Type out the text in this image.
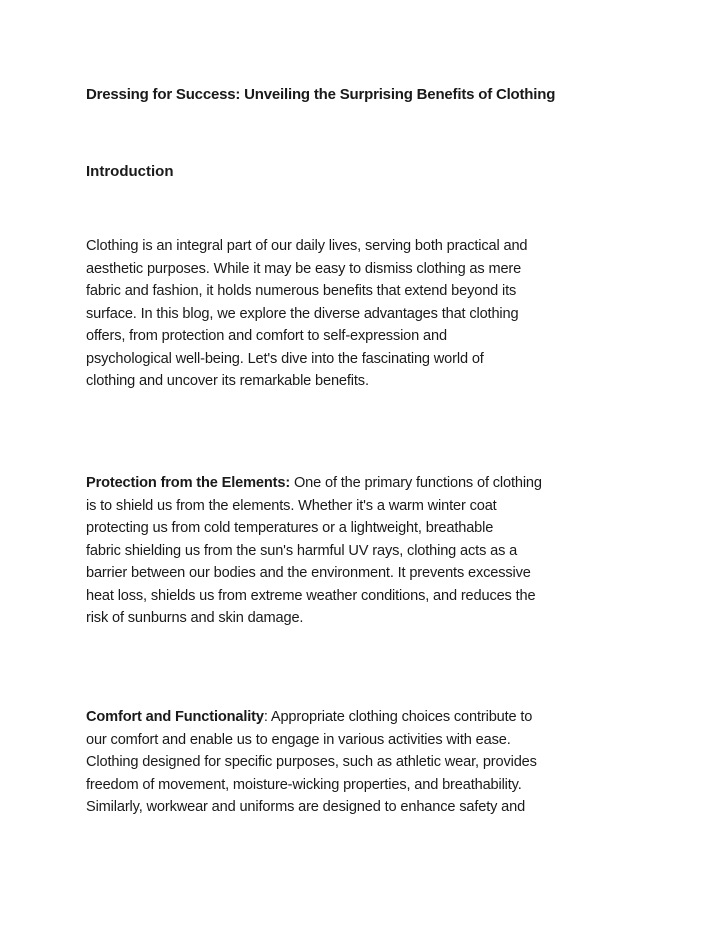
Dressing for Success: Unveiling the Surprising Benefits of Clothing
Introduction
Clothing is an integral part of our daily lives, serving both practical and
aesthetic purposes. While it may be easy to dismiss clothing as mere
fabric and fashion, it holds numerous benefits that extend beyond its
surface. In this blog, we explore the diverse advantages that clothing
offers, from protection and comfort to self-expression and
psychological well-being. Let's dive into the fascinating world of
clothing and uncover its remarkable benefits.
Protection from the Elements: One of the primary functions of clothing
is to shield us from the elements. Whether it's a warm winter coat
protecting us from cold temperatures or a lightweight, breathable
fabric shielding us from the sun's harmful UV rays, clothing acts as a
barrier between our bodies and the environment. It prevents excessive
heat loss, shields us from extreme weather conditions, and reduces the
risk of sunburns and skin damage.
Comfort and Functionality: Appropriate clothing choices contribute to
our comfort and enable us to engage in various activities with ease.
Clothing designed for specific purposes, such as athletic wear, provides
freedom of movement, moisture-wicking properties, and breathability.
Similarly, workwear and uniforms are designed to enhance safety and
